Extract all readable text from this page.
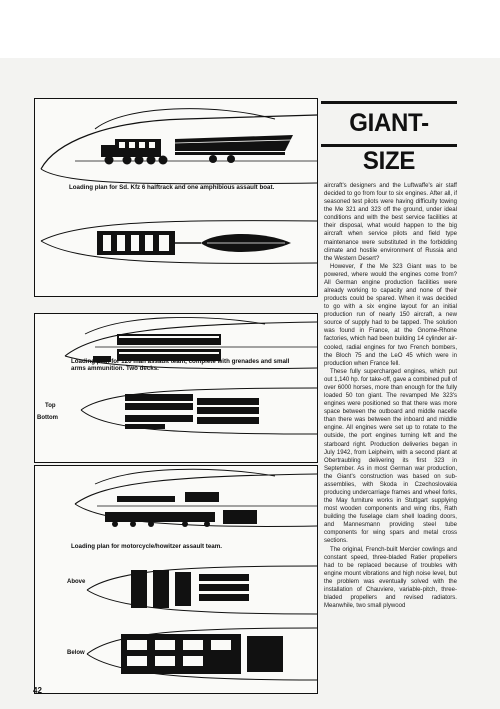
Loading plan for Sd. Kfz 6 halftrack and one amphibious assault boat.
Loading plan for 120 man assault team, complete with grenades and small
arms ammunition. Two decks.
Top
Bottom
Loading plan for motorcycle/howitzer assault team.
Above
Below
GIANT-SIZE

aircraft's designers and the Luftwaffe's air staff decided to go from four to six engines. After all, if seasoned test pilots were having difficulty towing the Me 321 and 323 off the ground, under ideal conditions and with the best service facilities at their disposal, what would happen to the big aircraft when service pilots and field type maintenance were substituted in the forbidding climate and hostile environment of Russia and the Western Desert?

However, if the Me 323 Giant was to be powered, where would the engines come from? All German engine production facilities were already working to capacity and none of their products could be spared. When it was decided to go with a six engine layout for an initial production run of nearly 150 aircraft, a new source of supply had to be tapped. The solution was found in France, at the Gnome-Rhone factories, which had been building 14 cylinder air-cooled, radial engines for two French bombers, the Bloch 75 and the LeO 45 which were in production when France fell.

These fully supercharged engines, which put out 1,140 hp. for take-off, gave a combined pull of over 6000 horses, more than enough for the fully loaded 50 ton giant. The revamped Me 323's engines were positioned so that there was more space between the outboard and middle nacelle than there was between the inboard and middle engine. All engines were set up to rotate to the outside, the port engines turning left and the starboard right. Production deliveries began in July 1942, from Leipheim, with a second plant at Obertraubling delivering its first 323 in September. As in most German war production, the Giant's construction was based on sub-assemblies, with Skoda in Czechoslovakia producing undercarriage frames and wheel forks, the May furniture works in Stuttgart supplying most wooden components and wing ribs, Rath building the fuselage clam shell loading doors, and Mannesmann providing steel tube components for wing spars and metal cross sections.

The original, French-built Mercier cowlings and constant speed, three-bladed Ratier propellers had to be replaced because of troubles with engine mount vibrations and high noise level, but the problem was eventually solved with the installation of Chauviere, variable-pitch, three-bladed propellers and revised radiators. Meanwhile, two small plywood

42
